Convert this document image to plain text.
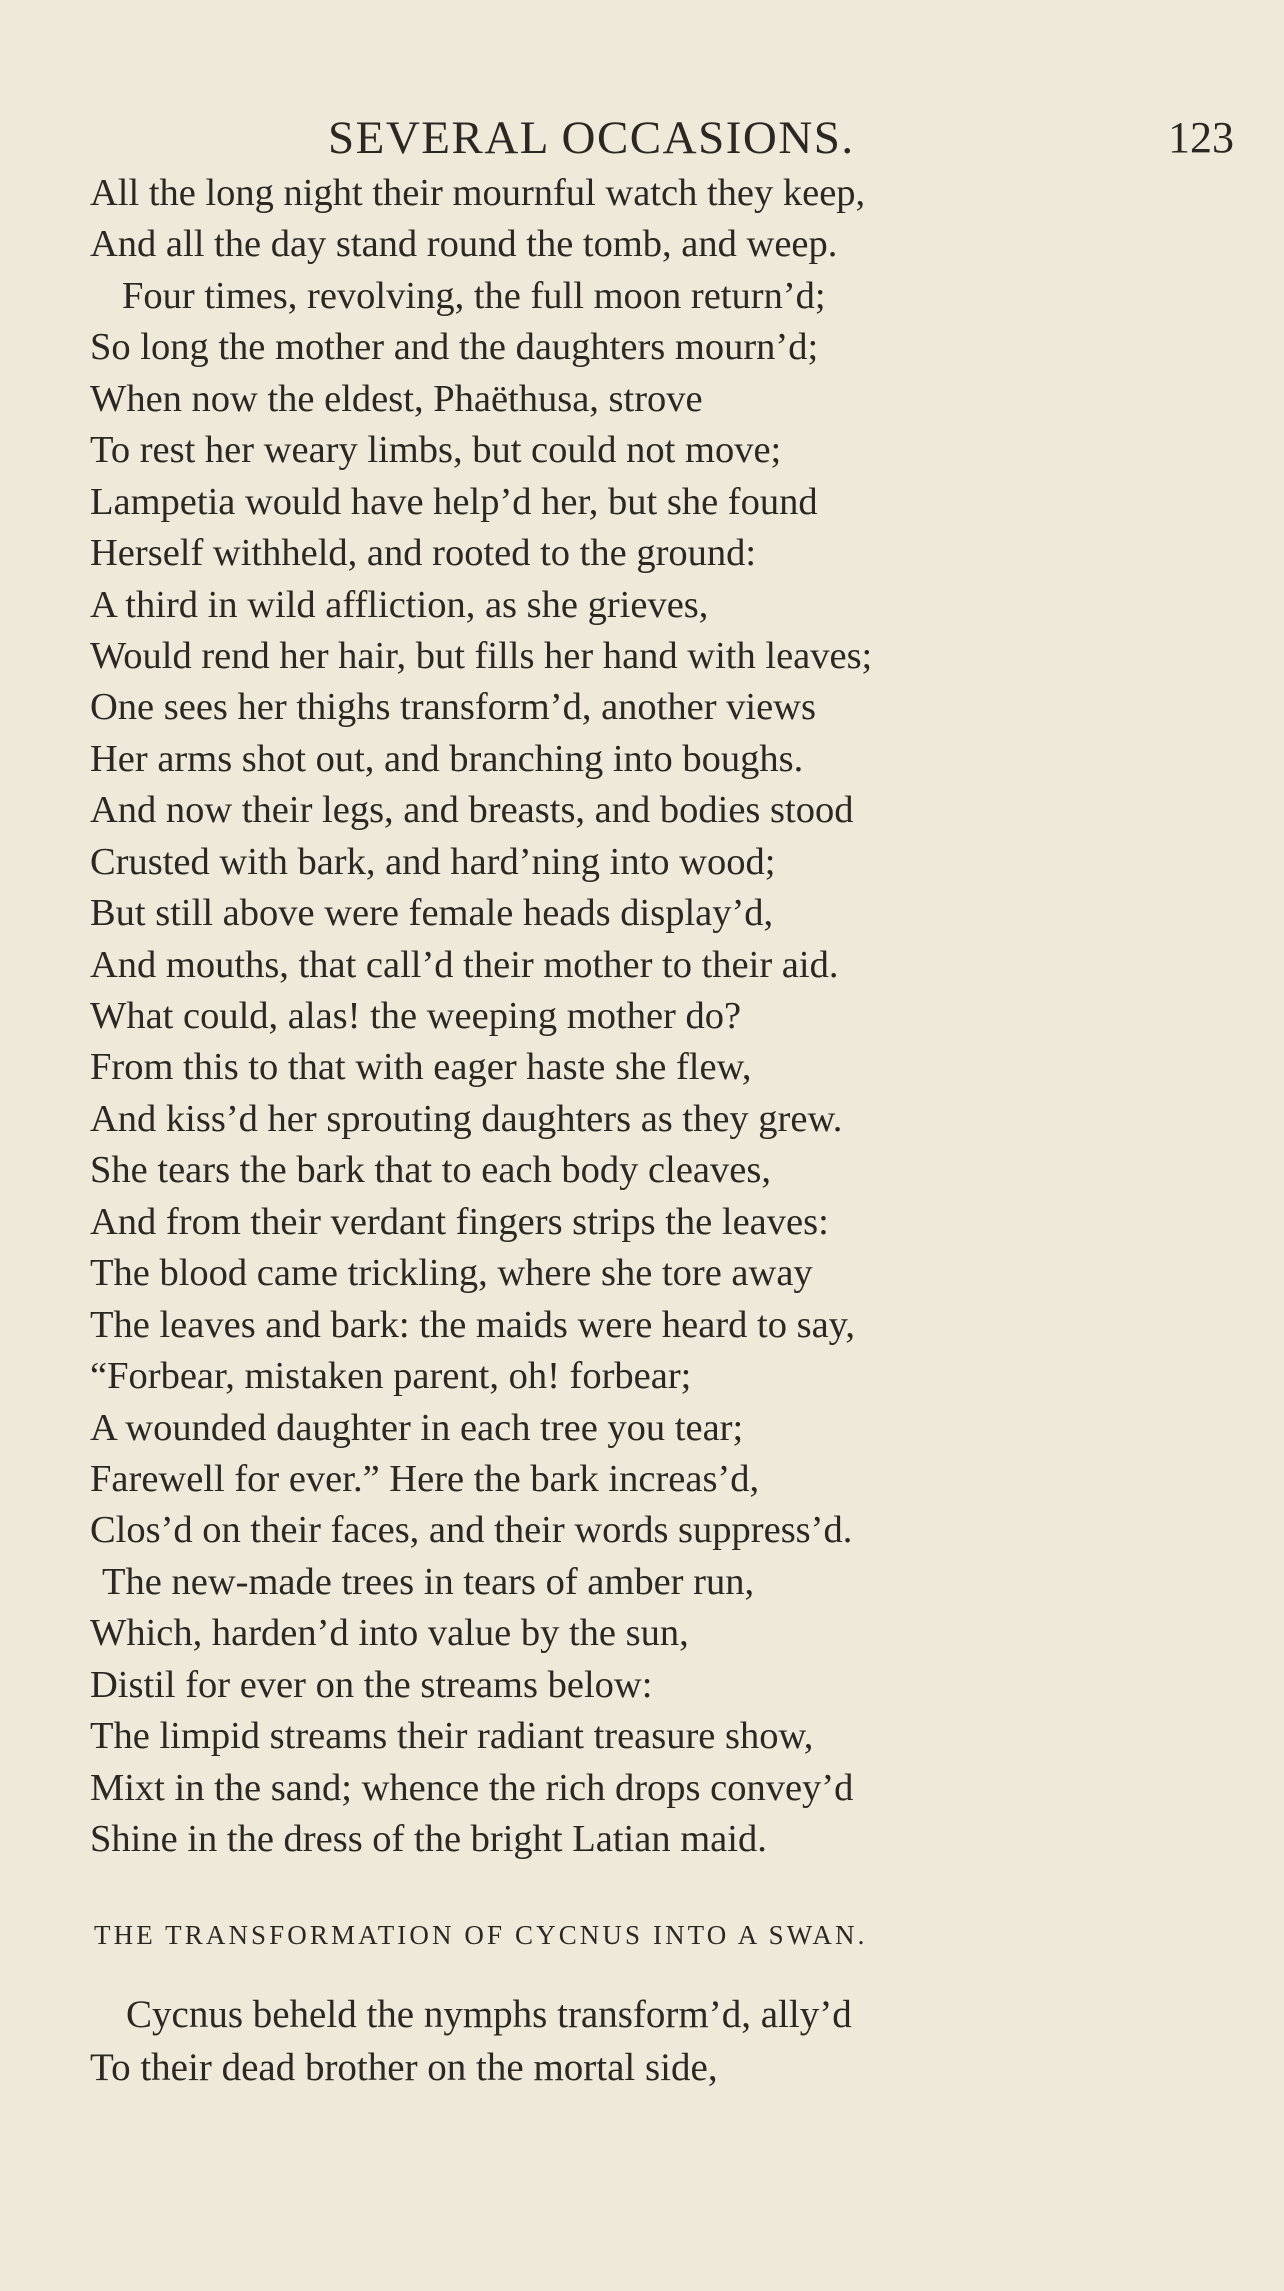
SEVERAL OCCASIONS.	123
All the long night their mournful watch they keep,
And all the day stand round the tomb, and weep.
Four times, revolving, the full moon return’d;
So long the mother and the daughters mourn’d;
When now the eldest, Phaëthusa, strove
To rest her weary limbs, but could not move;
Lampetia would have help’d her, but she found
Herself withheld, and rooted to the ground:
A third in wild affliction, as she grieves,
Would rend her hair, but fills her hand with leaves;
One sees her thighs transform’d, another views
Her arms shot out, and branching into boughs.
And now their legs, and breasts, and bodies stood
Crusted with bark, and hard’ning into wood;
But still above were female heads display’d,
And mouths, that call’d their mother to their aid.
What could, alas! the weeping mother do?
From this to that with eager haste she flew,
And kiss’d her sprouting daughters as they grew.
She tears the bark that to each body cleaves,
And from their verdant fingers strips the leaves:
The blood came trickling, where she tore away
The leaves and bark: the maids were heard to say,
“Forbear, mistaken parent, oh! forbear;
A wounded daughter in each tree you tear;
Farewell for ever.” Here the bark increas’d,
Clos’d on their faces, and their words suppress’d.
The new-made trees in tears of amber run,
Which, harden’d into value by the sun,
Distil for ever on the streams below:
The limpid streams their radiant treasure show,
Mixt in the sand; whence the rich drops convey’d
Shine in the dress of the bright Latian maid.
THE TRANSFORMATION OF CYCNUS INTO A SWAN.
Cycnus beheld the nymphs transform’d, ally’d
To their dead brother on the mortal side,
